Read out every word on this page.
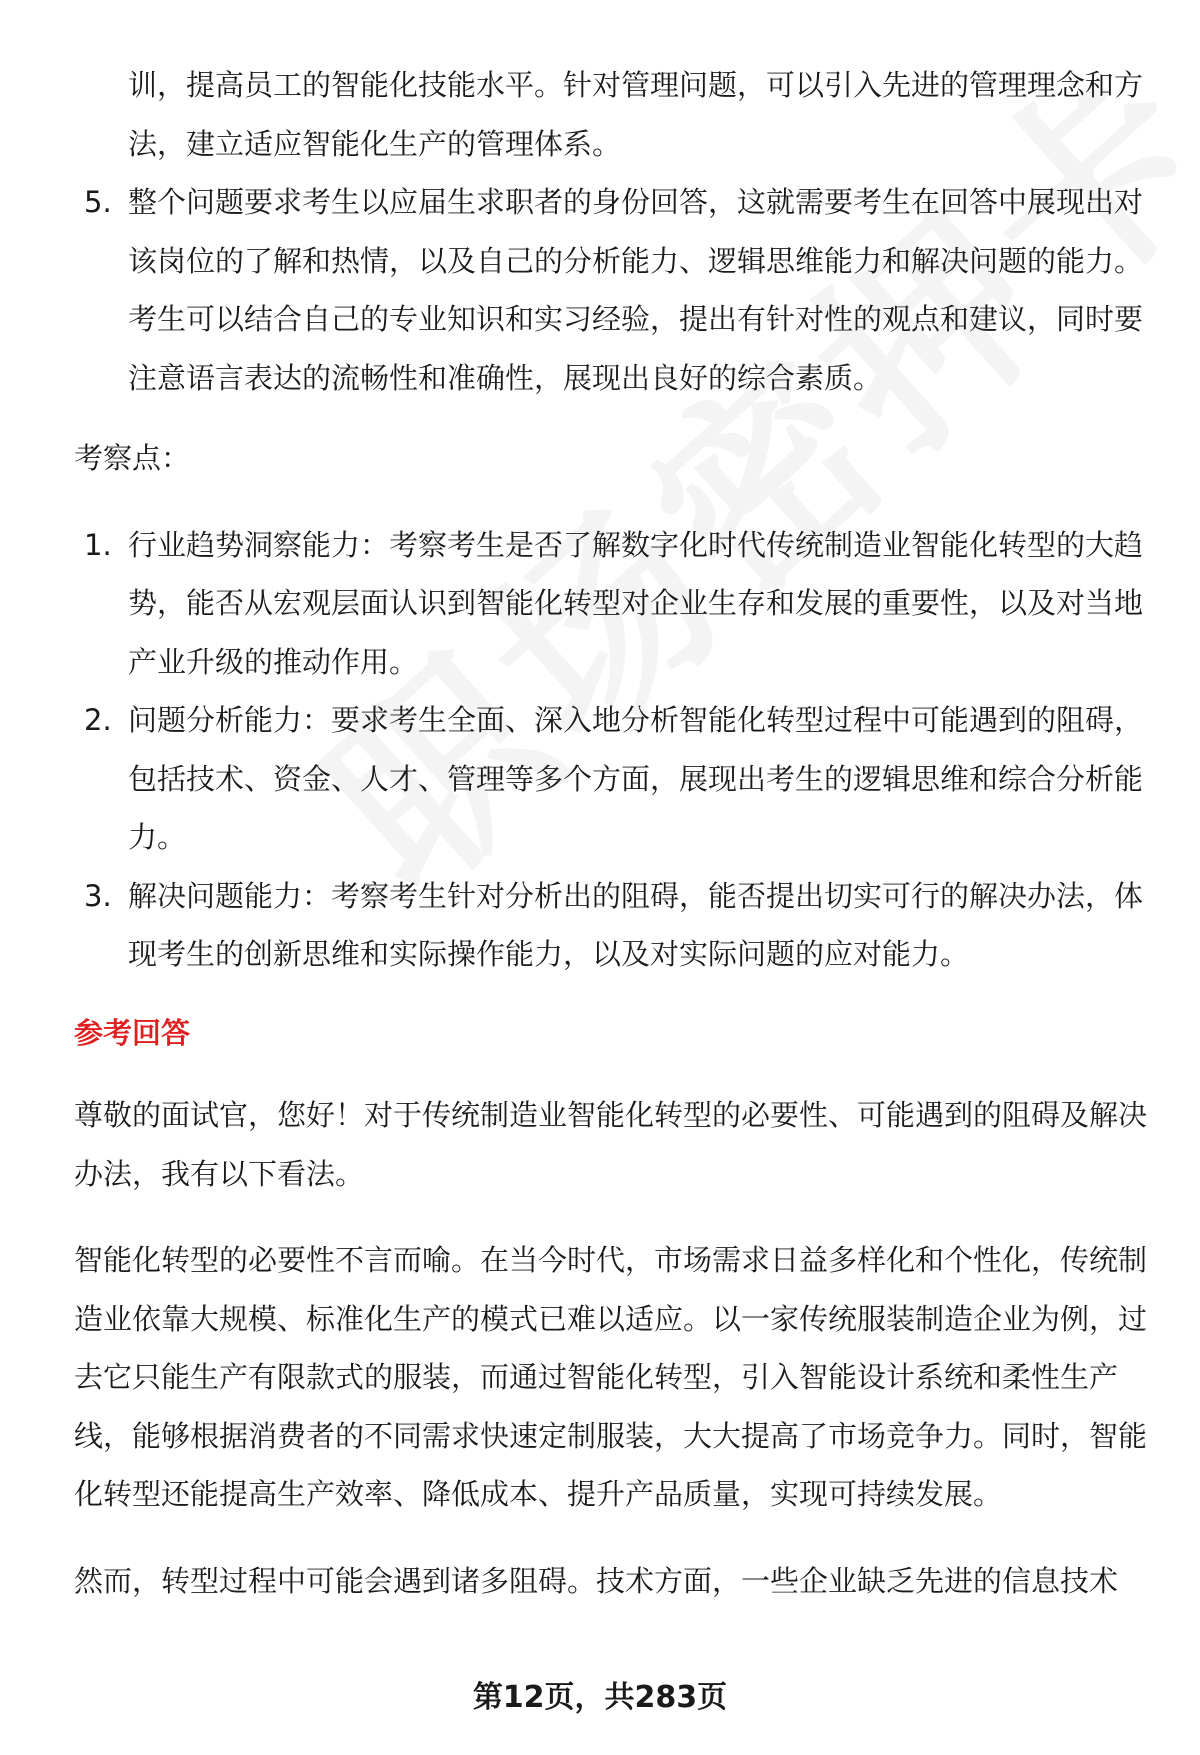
训，提高员工的智能化技能水平。针对管理问题，可以引入先进的管理理念和方法，建立适应智能化生产的管理体系。
5. 整个问题要求考生以应届生求职者的身份回答，这就需要考生在回答中展现出对该岗位的了解和热情，以及自己的分析能力、逻辑思维能力和解决问题的能力。考生可以结合自己的专业知识和实习经验，提出有针对性的观点和建议，同时要注意语言表达的流畅性和准确性，展现出良好的综合素质。
考察点：
1. 行业趋势洞察能力：考察考生是否了解数字化时代传统制造业智能化转型的大趋势，能否从宏观层面认识到智能化转型对企业生存和发展的重要性，以及对当地产业升级的推动作用。
2. 问题分析能力：要求考生全面、深入地分析智能化转型过程中可能遇到的阻碍，包括技术、资金、人才、管理等多个方面，展现出考生的逻辑思维和综合分析能力。
3. 解决问题能力：考察考生针对分析出的阻碍，能否提出切实可行的解决办法，体现考生的创新思维和实际操作能力，以及对实际问题的应对能力。
参考回答

尊敬的面试官，您好！对于传统制造业智能化转型的必要性、可能遇到的阻碍及解决办法，我有以下看法。

智能化转型的必要性不言而喻。在当今时代，市场需求日益多样化和个性化，传统制造业依靠大规模、标准化生产的模式已难以适应。以一家传统服装制造企业为例，过去它只能生产有限款式的服装，而通过智能化转型，引入智能设计系统和柔性生产线，能够根据消费者的不同需求快速定制服装，大大提高了市场竞争力。同时，智能化转型还能提高生产效率、降低成本、提升产品质量，实现可持续发展。

然而，转型过程中可能会遇到诸多阻碍。技术方面，一些企业缺乏先进的信息技术

第12页，共283页
